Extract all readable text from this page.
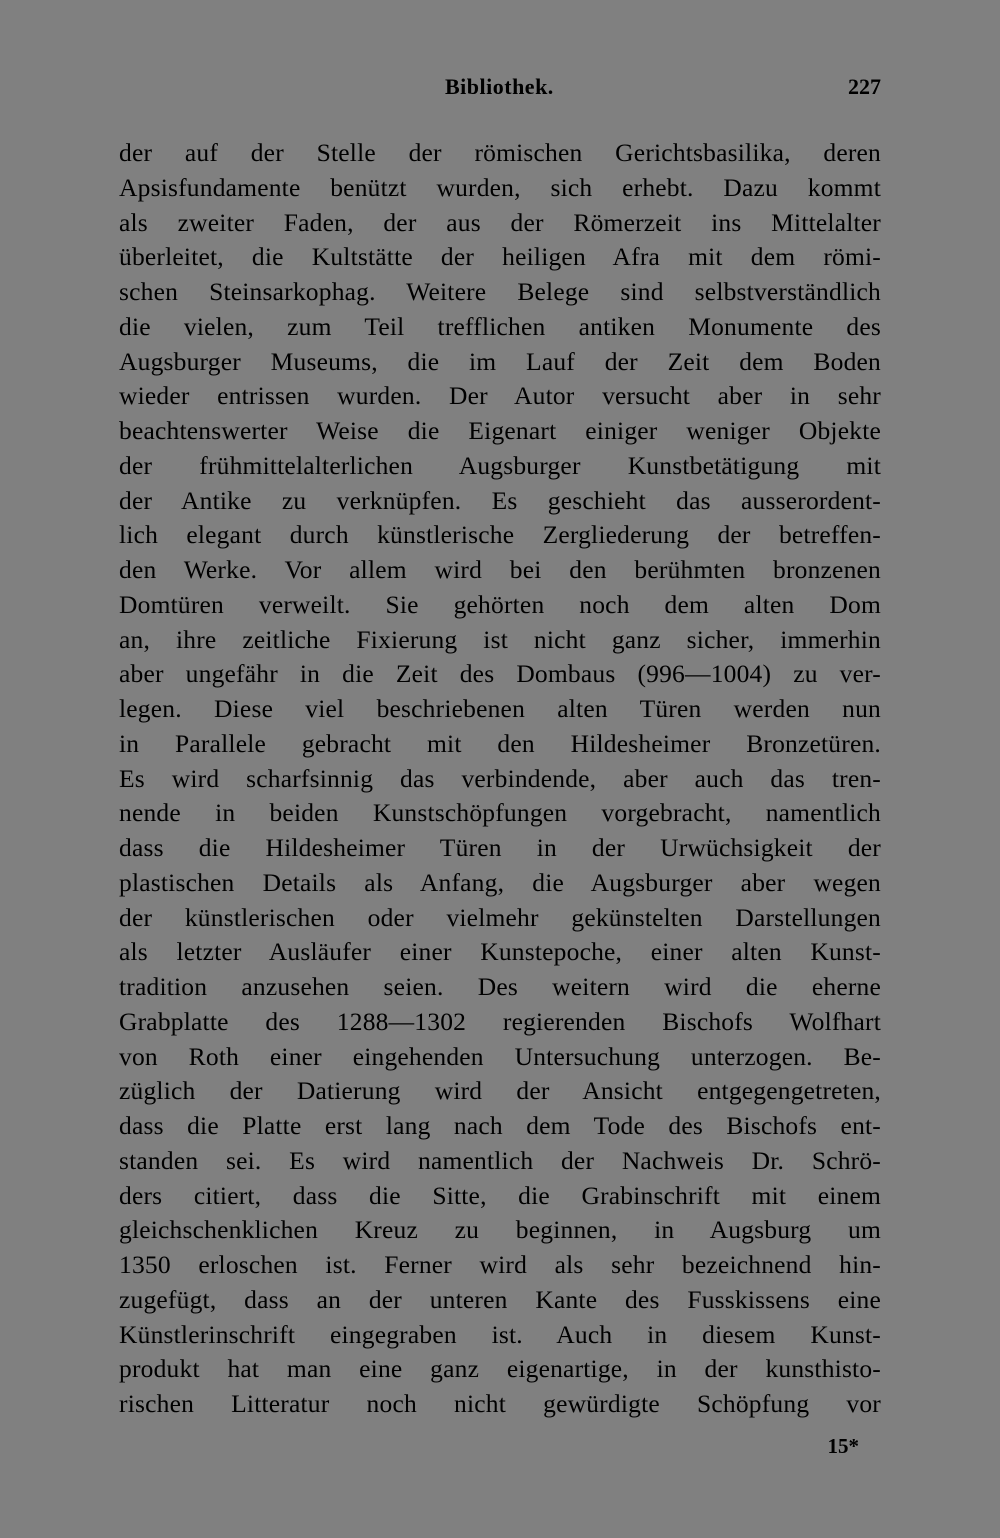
Bibliothek.	227
der auf der Stelle der römischen Gerichtsbasilika, deren
Apsisfundamente benützt wurden, sich erhebt. Dazu kommt
als zweiter Faden, der aus der Römerzeit ins Mittelalter
überleitet, die Kultstätte der heiligen Afra mit dem römi-
schen Steinsarkophag. Weitere Belege sind selbstverständlich
die vielen, zum Teil trefflichen antiken Monumente des
Augsburger Museums, die im Lauf der Zeit dem Boden
wieder entrissen wurden. Der Autor versucht aber in sehr
beachtenswerter Weise die Eigenart einiger weniger Objekte
der frühmittelalterlichen Augsburger Kunstbetätigung mit
der Antike zu verknüpfen. Es geschieht das ausserordent-
lich elegant durch künstlerische Zergliederung der betreffen-
den Werke. Vor allem wird bei den berühmten bronzenen
Domtüren verweilt. Sie gehörten noch dem alten Dom
an, ihre zeitliche Fixierung ist nicht ganz sicher, immerhin
aber ungefähr in die Zeit des Dombaus (996—1004) zu ver-
legen. Diese viel beschriebenen alten Türen werden nun
in Parallele gebracht mit den Hildesheimer Bronzetüren.
Es wird scharfsinnig das verbindende, aber auch das tren-
nende in beiden Kunstschöpfungen vorgebracht, namentlich
dass die Hildesheimer Türen in der Urwüchsigkeit der
plastischen Details als Anfang, die Augsburger aber wegen
der künstlerischen oder vielmehr gekünstelten Darstellungen
als letzter Ausläufer einer Kunstepoche, einer alten Kunst-
tradition anzusehen seien. Des weitern wird die eherne
Grabplatte des 1288—1302 regierenden Bischofs Wolfhart
von Roth einer eingehenden Untersuchung unterzogen. Be-
züglich der Datierung wird der Ansicht entgegengetreten,
dass die Platte erst lang nach dem Tode des Bischofs ent-
standen sei. Es wird namentlich der Nachweis Dr. Schrö-
ders citiert, dass die Sitte, die Grabinschrift mit einem
gleichschenklichen Kreuz zu beginnen, in Augsburg um
1350 erloschen ist. Ferner wird als sehr bezeichnend hin-
zugefügt, dass an der unteren Kante des Fusskissens eine
Künstlerinschrift eingegraben ist. Auch in diesem Kunst-
produkt hat man eine ganz eigenartige, in der kunsthisto-
rischen Litteratur noch nicht gewürdigte Schöpfung vor
15*
